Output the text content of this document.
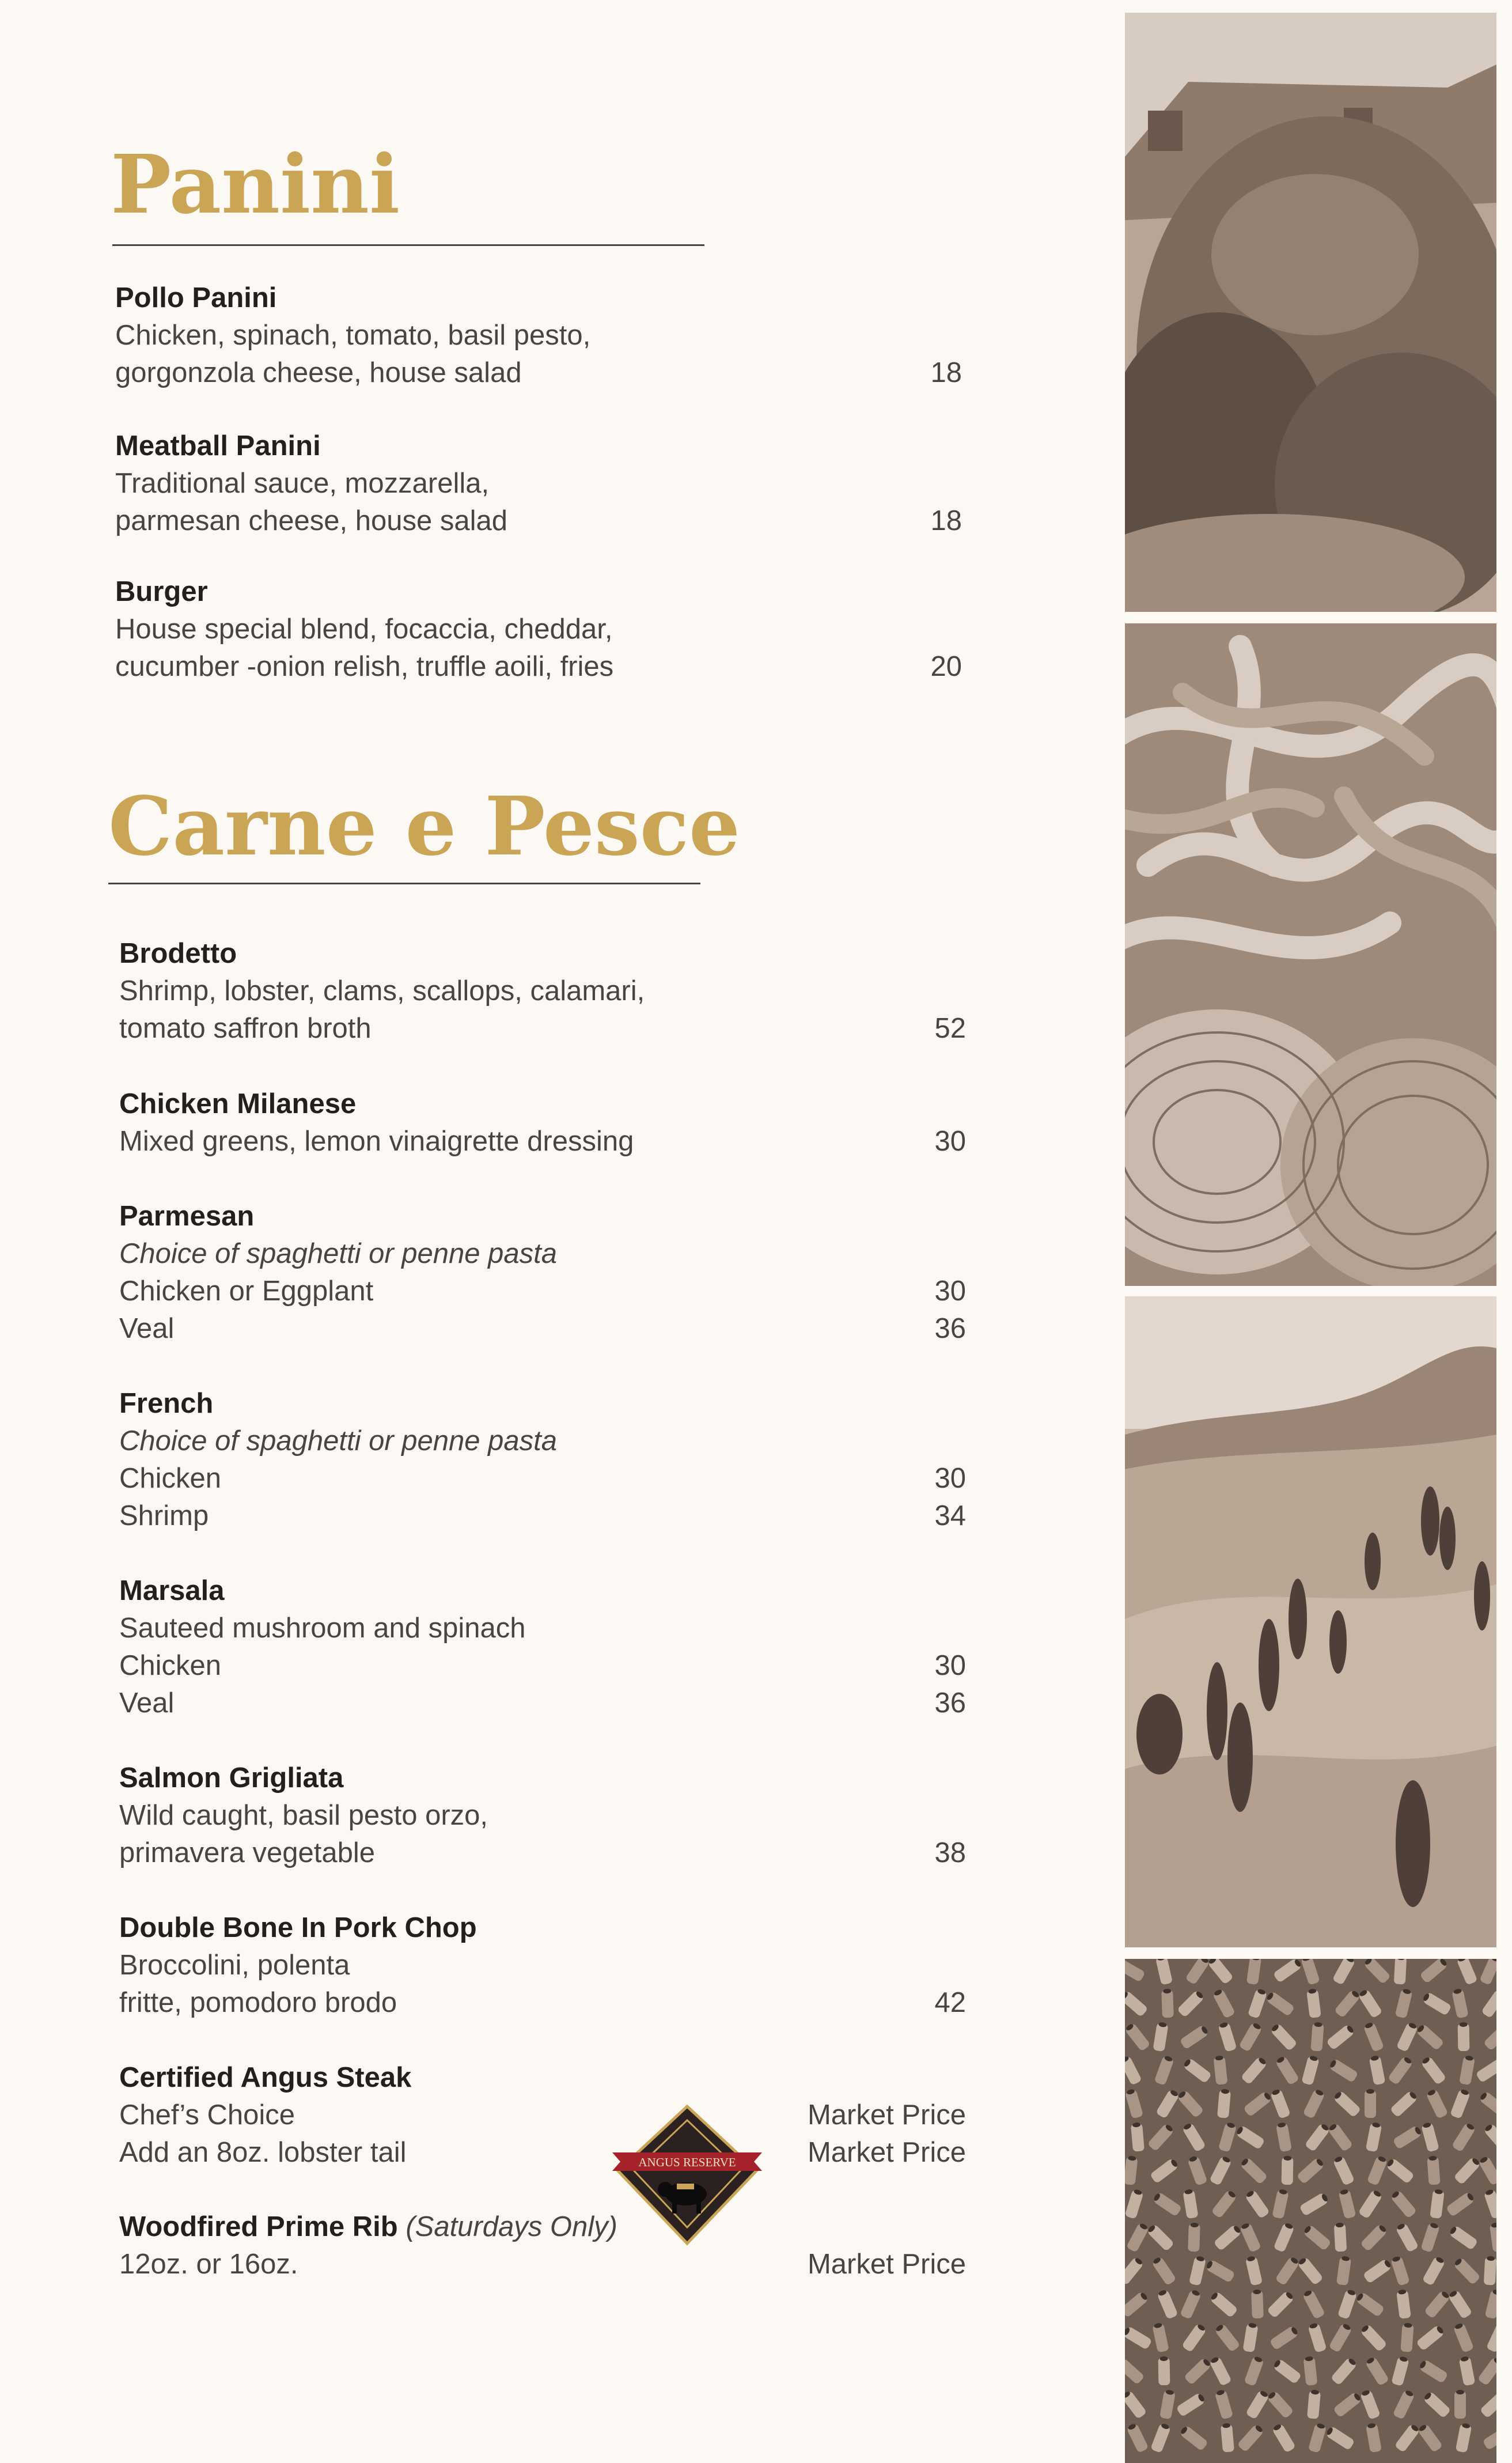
Panini
Pollo Panini
Chicken, spinach, tomato, basil pesto,
gorgonzola cheese, house salad	18
Meatball Panini
Traditional sauce, mozzarella,
parmesan cheese, house salad	18
Burger
House special blend, focaccia, cheddar,
cucumber -onion relish, truffle aoili, fries	20
Carne e Pesce
Brodetto
Shrimp, lobster, clams, scallops, calamari,
tomato saffron broth	52
Chicken Milanese
Mixed greens, lemon vinaigrette dressing	30
Parmesan
Choice of spaghetti or penne pasta
Chicken or Eggplant	30
Veal	36
French
Choice of spaghetti or penne pasta
Chicken	30
Shrimp	34
Marsala
Sauteed mushroom and spinach
Chicken	30
Veal	36
Salmon Grigliata
Wild caught, basil pesto orzo,
primavera vegetable	38
Double Bone In Pork Chop
Broccolini, polenta
fritte, pomodoro brodo	42
Certified Angus Steak
Chef’s Choice	Market Price
Add an 8oz. lobster tail	Market Price
Woodfired Prime Rib (Saturdays Only)
12oz. or 16oz.	Market Price
ANGUS RESERVE
